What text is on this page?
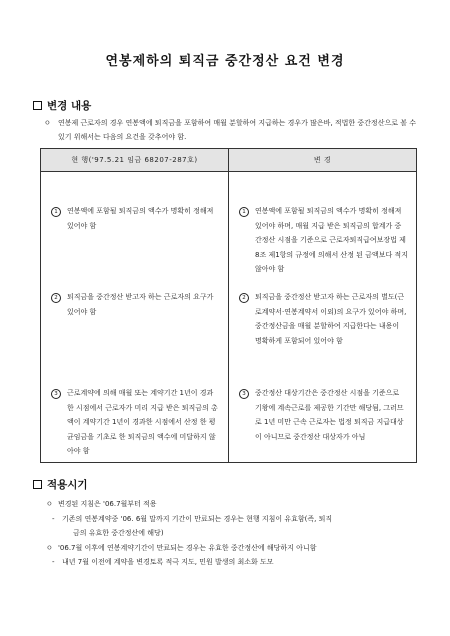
연봉제하의 퇴직금 중간정산 요건 변경
변경 내용
ㅇ	연봉제 근로자의 경우 연봉액에 퇴직금을 포함하여 매월 분할하여 지급하는 경우가 많은바, 적법한 중간정산으로 볼 수 있기 위해서는 다음의 요건을 갖추어야 함.
현 행('97.5.21 임금 68207-287호)	변 경

1 연봉액에 포함될 퇴직금의 액수가 명확히 정해져 있어야 함	1 연봉액에 포함될 퇴직금의 액수가 명확히 정해져 있어야 하며, 매월 지급 받은 퇴직금의 합계가 중간정산 시점을 기준으로 근로자퇴직급여보장법 제8조 제1항의 규정에 의해서 산정 된 금액보다 적지 않아야 함

2 퇴직금을 중간정산 받고자 하는 근로자의 요구가 있어야 함	2 퇴직금을 중간정산 받고자 하는 근로자의 별도(근로계약서·연봉계약서 이외)의 요구가 있어야 하며, 중간정산금을 매월 분할하여 지급한다는 내용이 명확하게 포함되어 있어야 함

3 근로계약에 의해 매월 또는 계약기간 1년이 경과한 시점에서 근로자가 미리 지급 받은 퇴직금의 총액이 계약기간 1년이 경과한 시점에서 산정 한 평균임금을 기초로 한 퇴직금의 액수에 미달하지 않아야 함	3 중간정산 대상기간은 중간정산 시점을 기준으로 기왕에 계속근로를 제공한 기간만 해당됨, 그러므로 1년 미만 근속 근로자는 법정 퇴직금 지급대상이 아니므로 중간정산 대상자가 아님
적용시기
ㅇ 변경된 지침은 '06.7월부터 적용
-	기존의 연봉계약중 '06. 6월 말까지 기간이 만료되는 경우는 현행 지침이 유효함(즉, 퇴직
금의 유효한 중간정산에 해당)
ㅇ '06.7월 이후에 연봉계약기간이 만료되는 경우는 유효한 중간정산에 해당하지 아니함
-	내년 7월 이전에 계약을 변경토록 적극 지도, 민원 발생의 최소화 도모
